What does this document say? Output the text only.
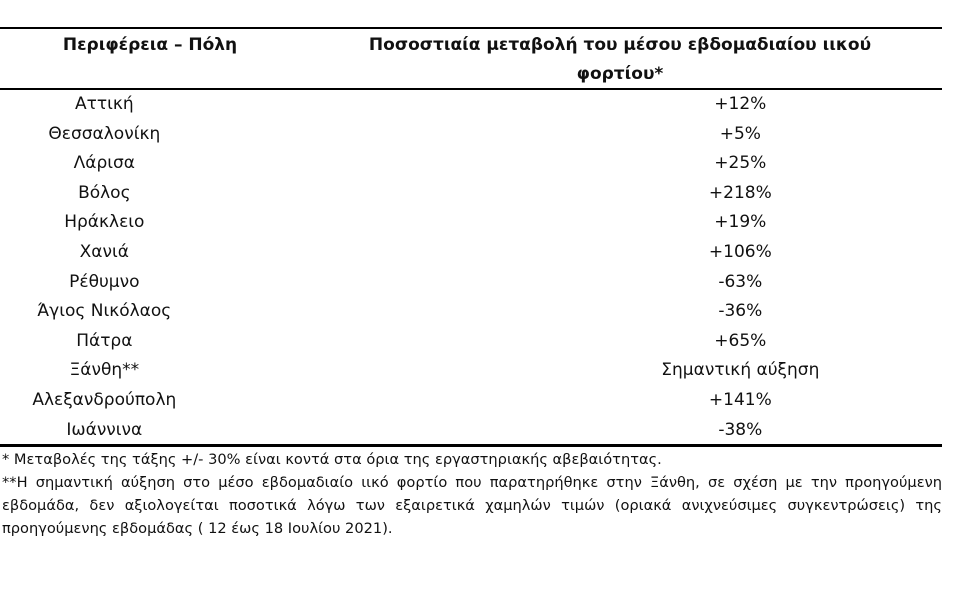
Περιφέρεια – Πόλη	Ποσοστιαία μεταβολή του μέσου εβδομαδιαίου ιικού φορτίου*
Αττική	+12%
Θεσσαλονίκη	+5%
Λάρισα	+25%
Βόλος	+218%
Ηράκλειο	+19%
Χανιά	+106%
Ρέθυμνο	-63%
Άγιος Νικόλαος	-36%
Πάτρα	+65%
Ξάνθη**	Σημαντική αύξηση
Αλεξανδρούπολη	+141%
Ιωάννινα	-38%

* Μεταβολές της τάξης +/- 30% είναι κοντά στα όρια της εργαστηριακής αβεβαιότητας.

**Η σημαντική αύξηση στο μέσο εβδομαδιαίο ιικό φορτίο που παρατηρήθηκε στην Ξάνθη, σε σχέση με την προηγούμενη εβδομάδα, δεν αξιολογείται ποσοτικά λόγω των εξαιρετικά χαμηλών τιμών (οριακά ανιχνεύσιμες συγκεντρώσεις) της προηγούμενης εβδομάδας ( 12 έως 18 Ιουλίου 2021).
